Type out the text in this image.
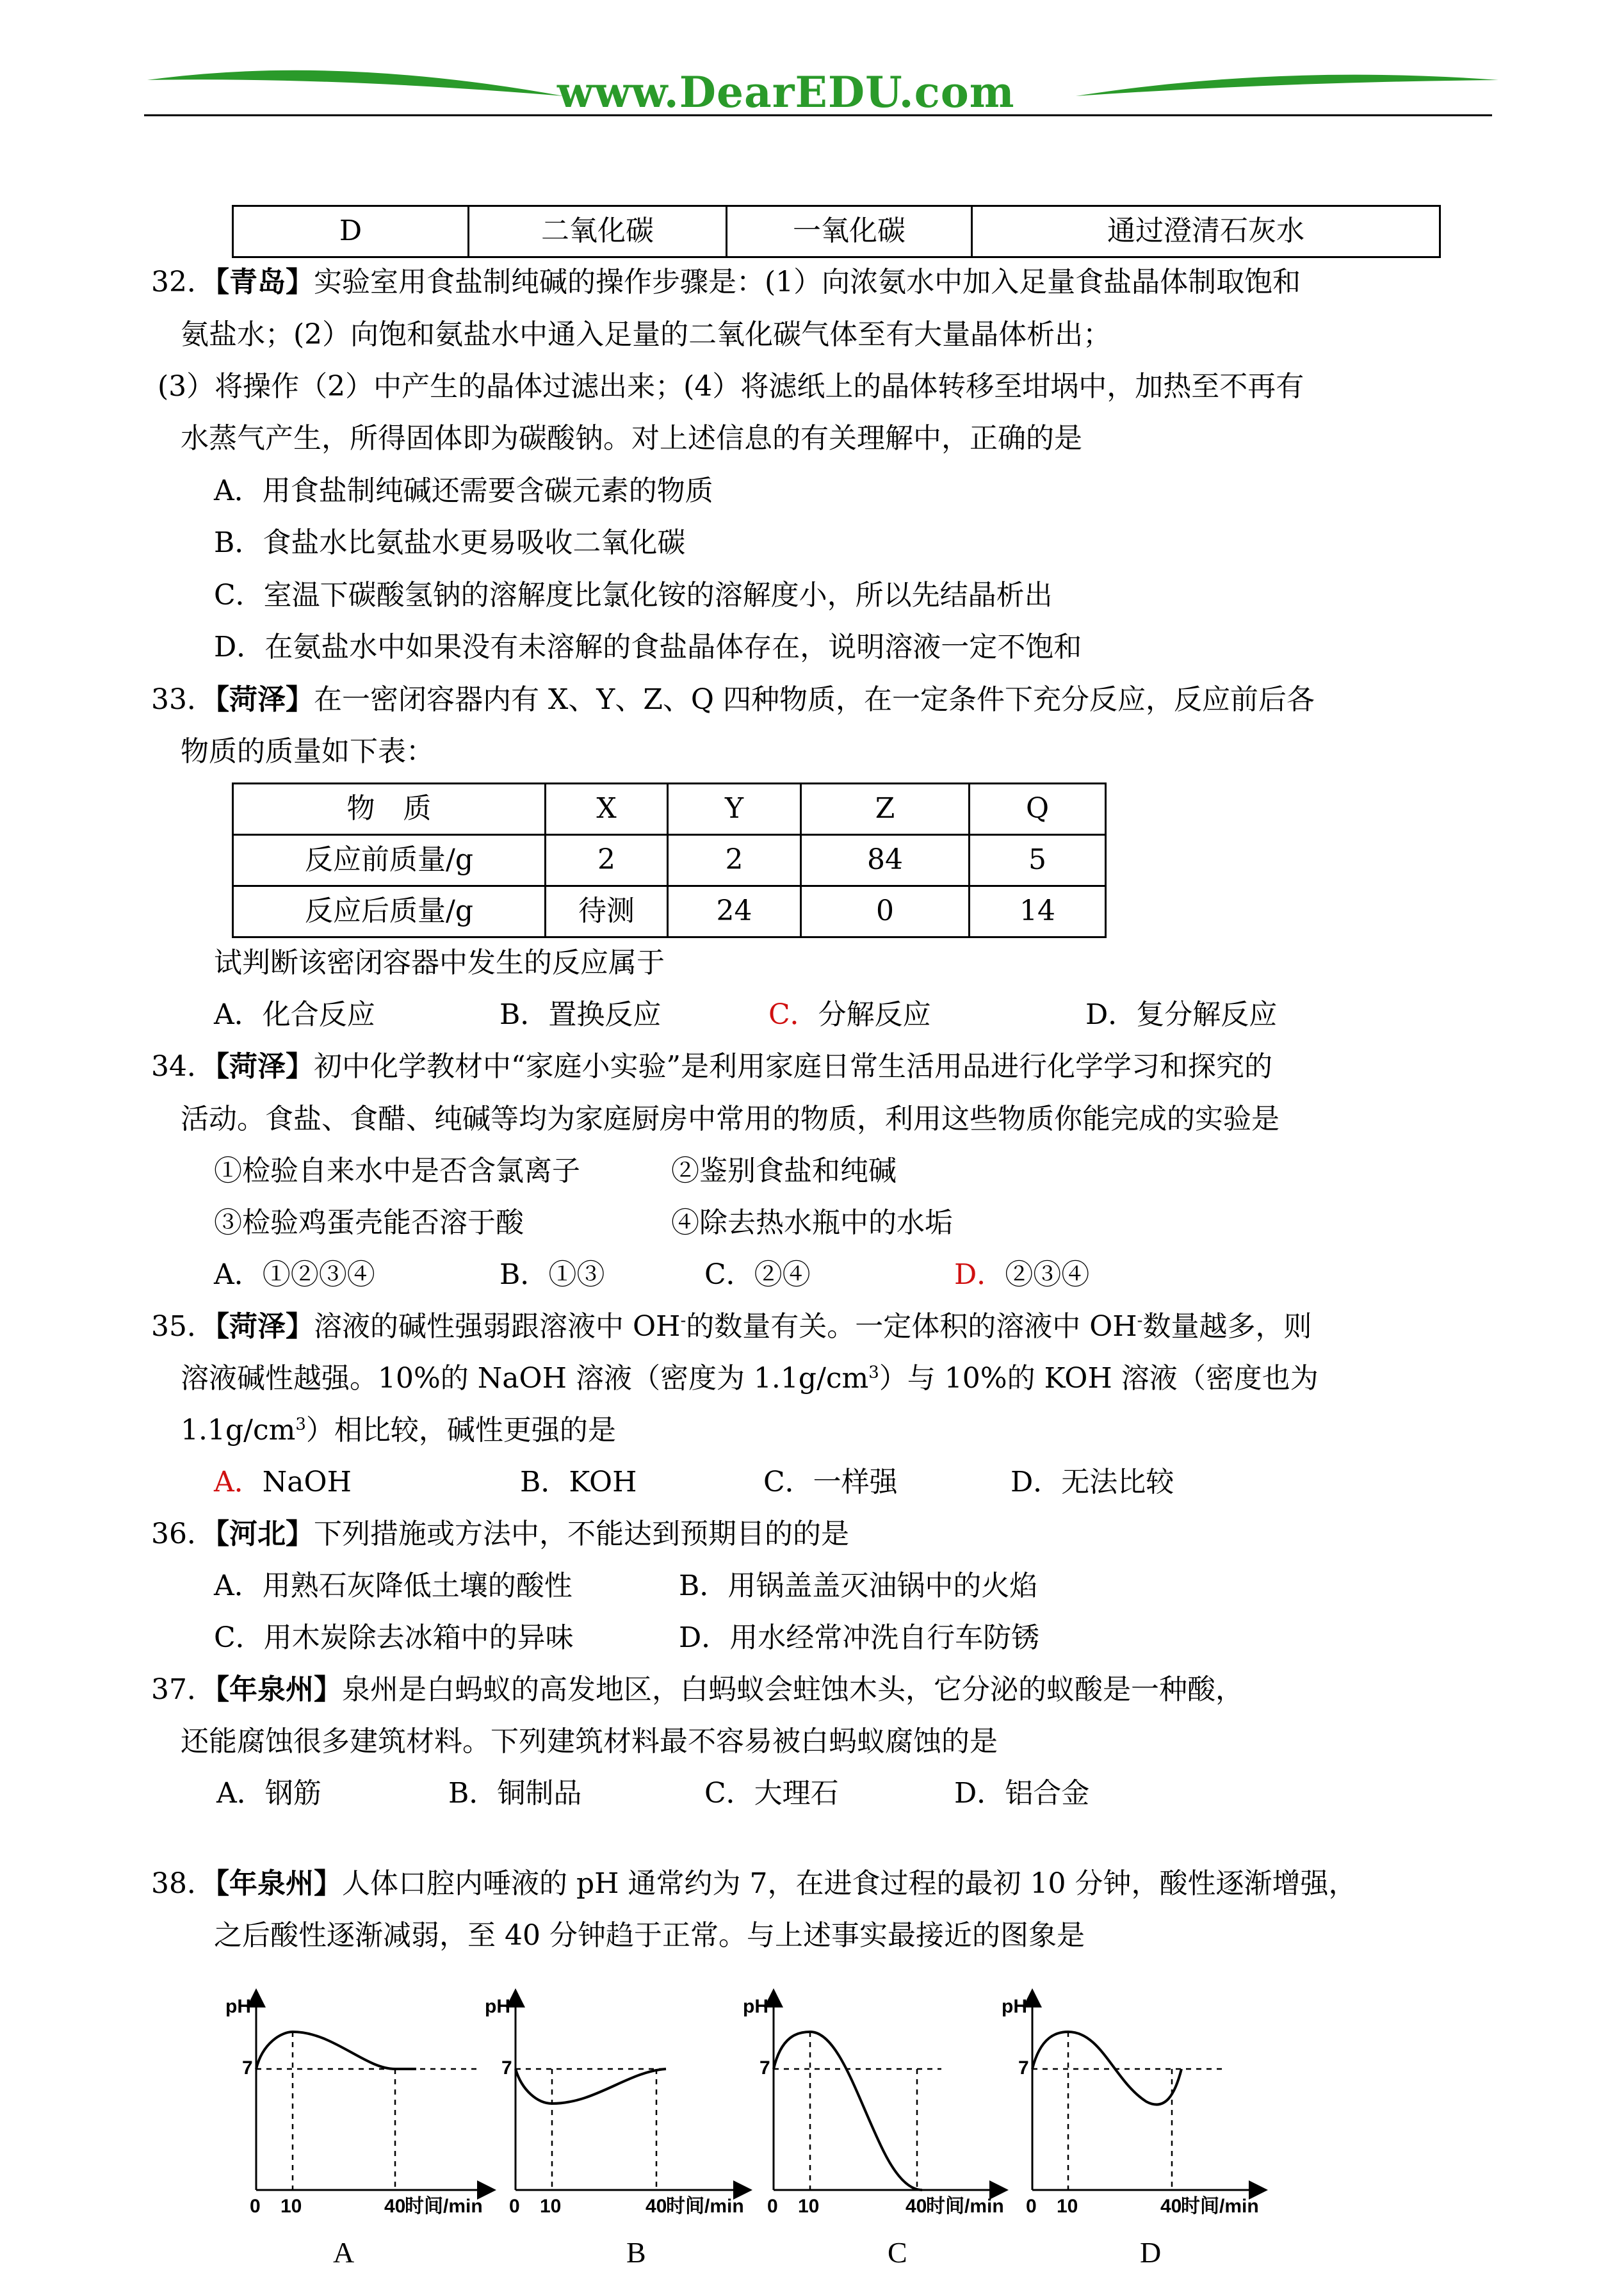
www.DearEDU.com
D	二氧化碳	一氧化碳	通过澄清石灰水
32．【青岛】实验室用食盐制纯碱的操作步骤是：(1）向浓氨水中加入足量食盐晶体制取饱和
氨盐水；(2）向饱和氨盐水中通入足量的二氧化碳气体至有大量晶体析出；
(3）将操作（2）中产生的晶体过滤出来；(4）将滤纸上的晶体转移至坩埚中，加热至不再有
水蒸气产生，所得固体即为碳酸钠。对上述信息的有关理解中，正确的是
A．用食盐制纯碱还需要含碳元素的物质
B．食盐水比氨盐水更易吸收二氧化碳
C．室温下碳酸氢钠的溶解度比氯化铵的溶解度小，所以先结晶析出
D．在氨盐水中如果没有未溶解的食盐晶体存在，说明溶液一定不饱和
33．【菏泽】在一密闭容器内有 X、Y、Z、Q 四种物质，在一定条件下充分反应，反应前后各
物质的质量如下表：
物　质	X	Y	Z	Q
反应前质量/g	2	2	84	5
反应后质量/g	待测	24	0	14
试判断该密闭容器中发生的反应属于
A．化合反应	B．置换反应	C．分解反应	D．复分解反应
34．【菏泽】初中化学教材中“家庭小实验”是利用家庭日常生活用品进行化学学习和探究的
活动。食盐、食醋、纯碱等均为家庭厨房中常用的物质，利用这些物质你能完成的实验是
①检验自来水中是否含氯离子	②鉴别食盐和纯碱
③检验鸡蛋壳能否溶于酸	④除去热水瓶中的水垢
A．①②③④	B．①③	C．②④	D．②③④
35．【菏泽】溶液的碱性强弱跟溶液中 OH-的数量有关。一定体积的溶液中 OH-数量越多，则
溶液碱性越强。10%的 NaOH 溶液（密度为 $1.1g/cm^3$）与 10%的 KOH 溶液（密度也为
$1.1g/cm^3$）相比较，碱性更强的是
A．NaOH	B．KOH	C．一样强	D．无法比较
36．【河北】下列措施或方法中，不能达到预期目的的是
A．用熟石灰降低土壤的酸性	B．用锅盖盖灭油锅中的火焰
C．用木炭除去冰箱中的异味	D．用水经常冲洗自行车防锈
37．【年泉州】泉州是白蚂蚁的高发地区，白蚂蚁会蛀蚀木头，它分泌的蚁酸是一种酸，
还能腐蚀很多建筑材料。下列建筑材料最不容易被白蚂蚁腐蚀的是
A．钢筋	B．铜制品	C．大理石	D．铝合金
38．【年泉州】人体口腔内唾液的 pH 通常约为 7，在进食过程的最初 10 分钟，酸性逐渐增强，
之后酸性逐渐减弱，至 40 分钟趋于正常。与上述事实最接近的图象是
pH
7
0 10	40
时间/min
A
pH
7
0 10	40
时间/min
B
pH
7
0 10	40
时间/min
C
pH
7
0 10	40
时间/min
D
